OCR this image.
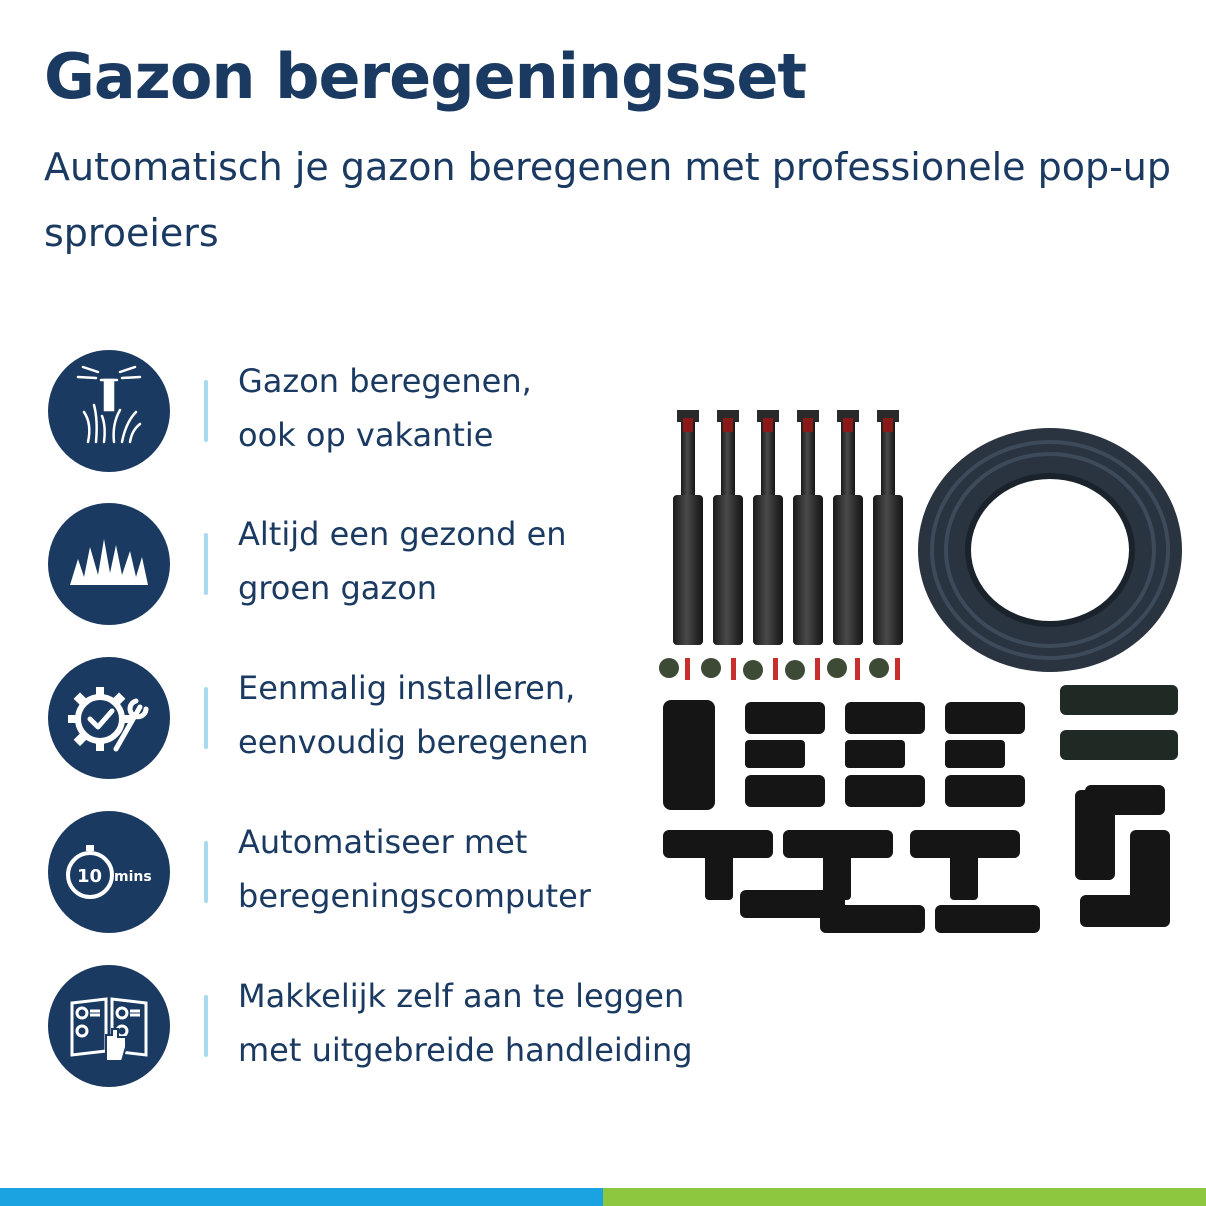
Gazon beregeningsset
Automatisch je gazon beregenen met professionele pop-up sproeiers
Gazon beregenen,
ook op vakantie
Altijd een gezond en
groen gazon
Eenmalig installeren,
eenvoudig beregenen
10 mins
Automatiseer met
beregeningscomputer
Makkelijk zelf aan te leggen
met uitgebreide handleiding
